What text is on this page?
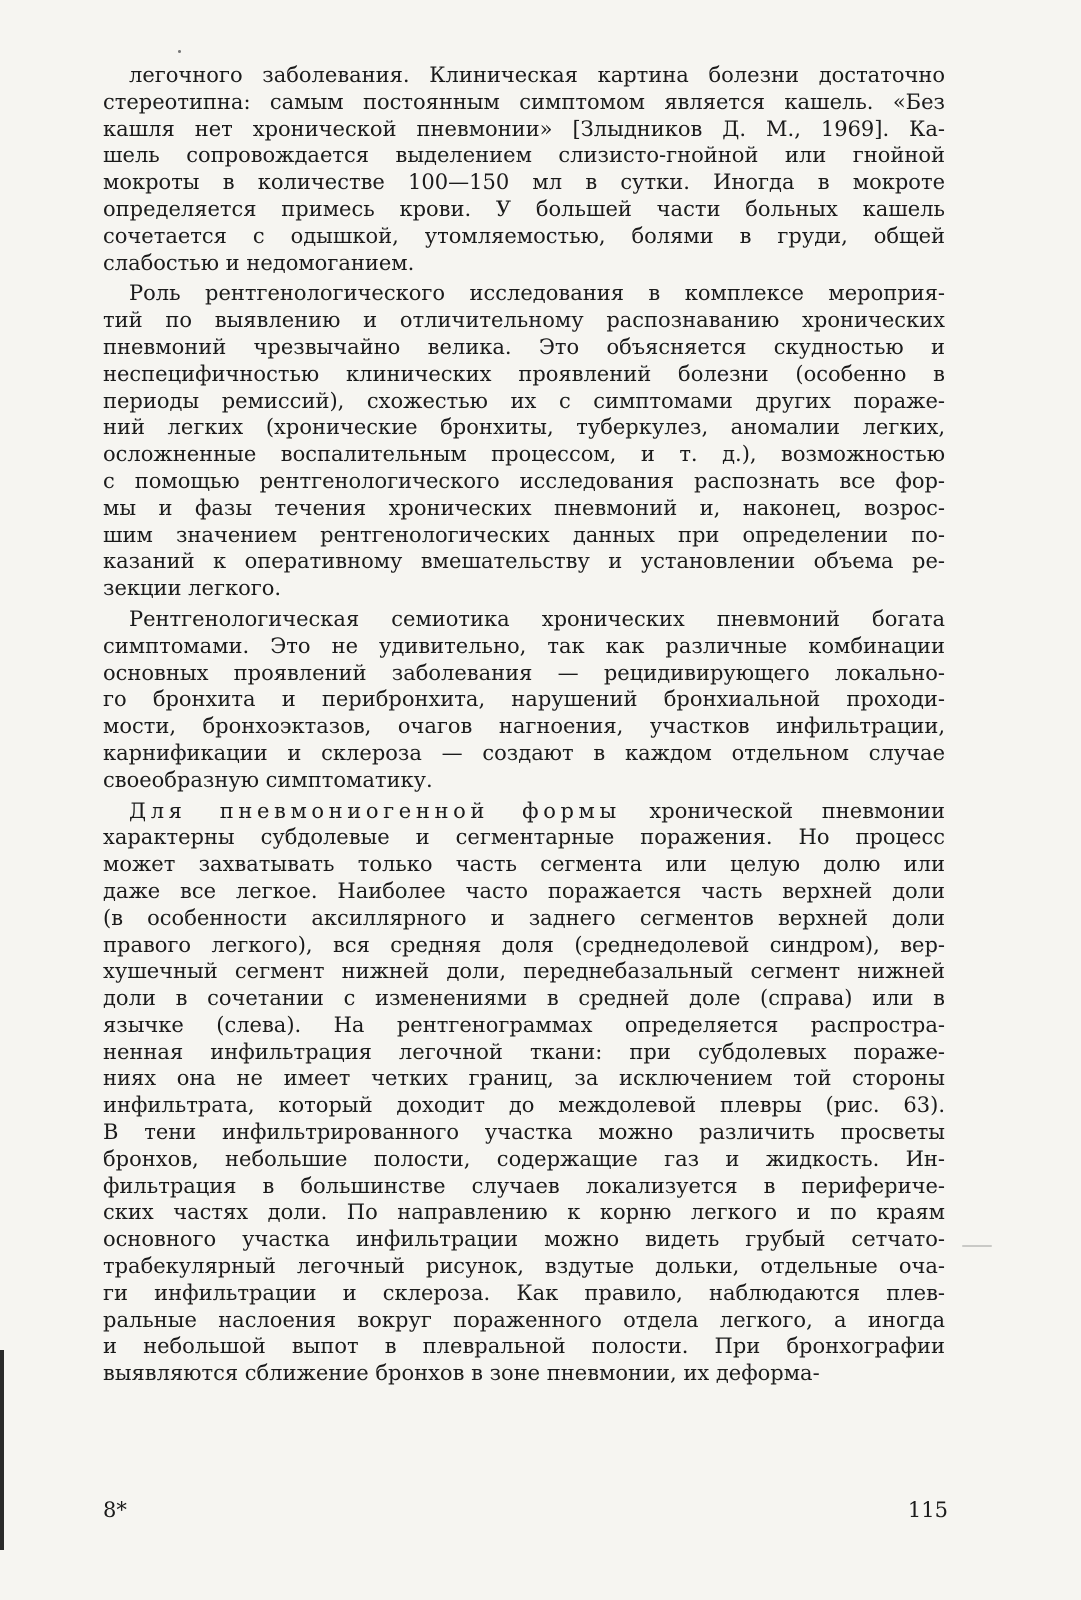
легочного заболевания. Клиническая картина болезни достаточно
стереотипна: самым постоянным симптомом является кашель. «Без
кашля нет хронической пневмонии» [Злыдников Д. М., 1969]. Ка-
шель сопровождается выделением слизисто-гнойной или гнойной
мокроты в количестве 100—150 мл в сутки. Иногда в мокроте
определяется примесь крови. У большей части больных кашель
сочетается с одышкой, утомляемостью, болями в груди, общей
слабостью и недомоганием.
Роль рентгенологического исследования в комплексе мероприя-
тий по выявлению и отличительному распознаванию хронических
пневмоний чрезвычайно велика. Это объясняется скудностью и
неспецифичностью клинических проявлений болезни (особенно в
периоды ремиссий), схожестью их с симптомами других пораже-
ний легких (хронические бронхиты, туберкулез, аномалии легких,
осложненные воспалительным процессом, и т. д.), возможностью
с помощью рентгенологического исследования распознать все фор-
мы и фазы течения хронических пневмоний и, наконец, возрос-
шим значением рентгенологических данных при определении по-
казаний к оперативному вмешательству и установлении объема ре-
зекции легкого.
Рентгенологическая семиотика хронических пневмоний богата
симптомами. Это не удивительно, так как различные комбинации
основных проявлений заболевания — рецидивирующего локально-
го бронхита и перибронхита, нарушений бронхиальной проходи-
мости, бронхоэктазов, очагов нагноения, участков инфильтрации,
карнификации и склероза — создают в каждом отдельном случае
своеобразную симптоматику.
Для пневмониогенной формы хронической пневмонии
характерны субдолевые и сегментарные поражения. Но процесс
может захватывать только часть сегмента или целую долю или
даже все легкое. Наиболее часто поражается часть верхней доли
(в особенности аксиллярного и заднего сегментов верхней доли
правого легкого), вся средняя доля (среднедолевой синдром), вер-
хушечный сегмент нижней доли, переднебазальный сегмент нижней
доли в сочетании с изменениями в средней доле (справа) или в
язычке (слева). На рентгенограммах определяется распростра-
ненная инфильтрация легочной ткани: при субдолевых пораже-
ниях она не имеет четких границ, за исключением той стороны
инфильтрата, который доходит до междолевой плевры (рис. 63).
В тени инфильтрированного участка можно различить просветы
бронхов, небольшие полости, содержащие газ и жидкость. Ин-
фильтрация в большинстве случаев локализуется в перифериче-
ских частях доли. По направлению к корню легкого и по краям
основного участка инфильтрации можно видеть грубый сетчато-
трабекулярный легочный рисунок, вздутые дольки, отдельные оча-
ги инфильтрации и склероза. Как правило, наблюдаются плев-
ральные наслоения вокруг пораженного отдела легкого, а иногда
и небольшой выпот в плевральной полости. При бронхографии
выявляются сближение бронхов в зоне пневмонии, их деформа-
8*	115
